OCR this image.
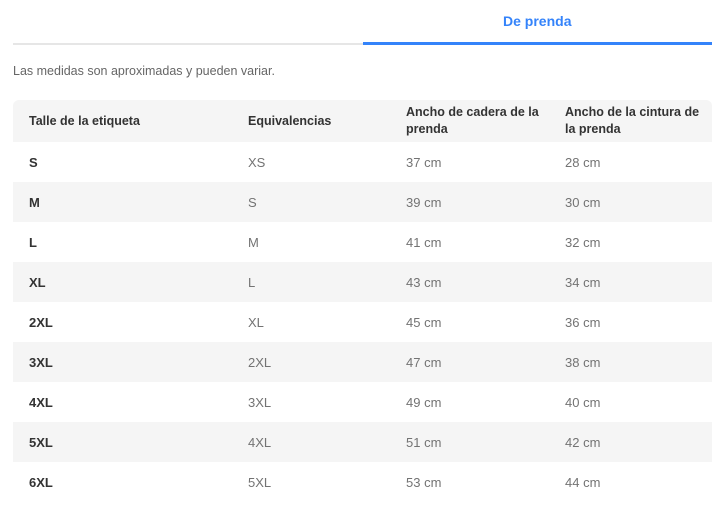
De prenda

Las medidas son aproximadas y pueden variar.

Talle de la etiqueta	Equivalencias	Ancho de cadera de la prenda	Ancho de la cintura de la prenda
S	XS	37 cm	28 cm
M	S	39 cm	30 cm
L	M	41 cm	32 cm
XL	L	43 cm	34 cm
2XL	XL	45 cm	36 cm
3XL	2XL	47 cm	38 cm
4XL	3XL	49 cm	40 cm
5XL	4XL	51 cm	42 cm
6XL	5XL	53 cm	44 cm
